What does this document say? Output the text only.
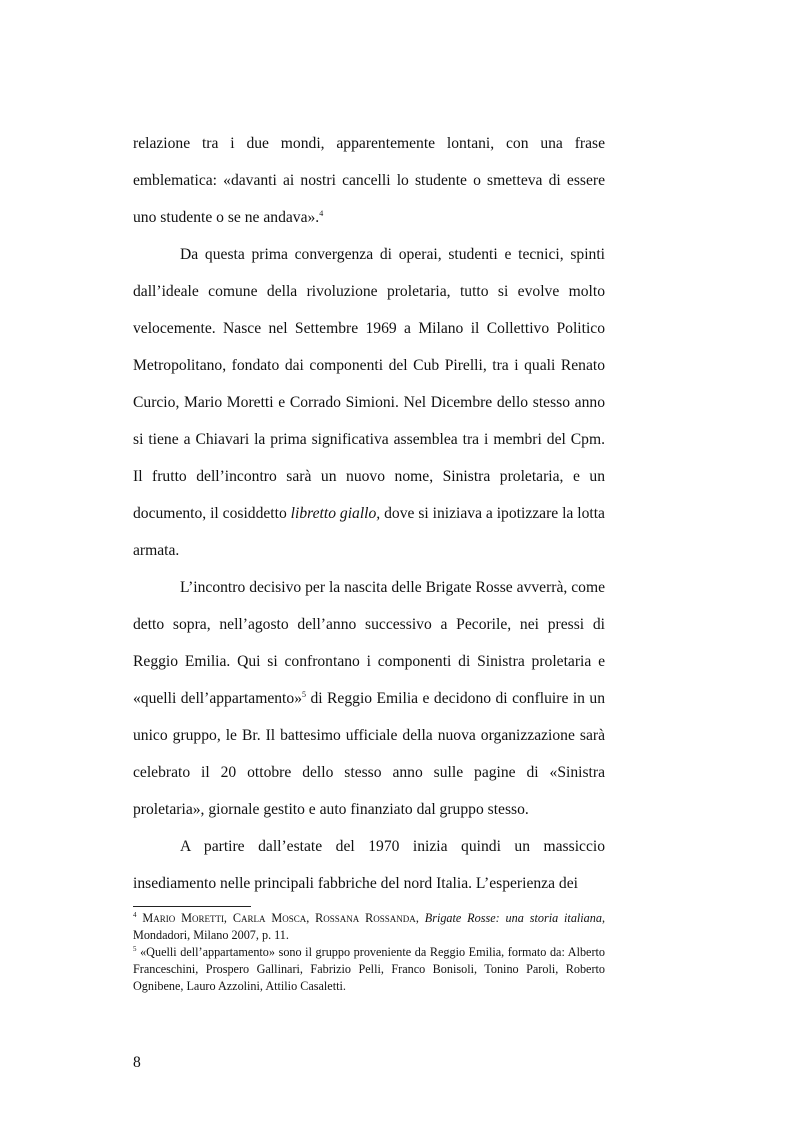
relazione tra i due mondi, apparentemente lontani, con una frase emblematica: «davanti ai nostri cancelli lo studente o smetteva di essere uno studente o se ne andava».$^4$

Da questa prima convergenza di operai, studenti e tecnici, spinti dall’ideale comune della rivoluzione proletaria, tutto si evolve molto velocemente. Nasce nel Settembre 1969 a Milano il Collettivo Politico Metropolitano, fondato dai componenti del Cub Pirelli, tra i quali Renato Curcio, Mario Moretti e Corrado Simioni. Nel Dicembre dello stesso anno si tiene a Chiavari la prima significativa assemblea tra i membri del Cpm. Il frutto dell’incontro sarà un nuovo nome, Sinistra proletaria, e un documento, il cosiddetto libretto giallo, dove si iniziava a ipotizzare la lotta armata.

L’incontro decisivo per la nascita delle Brigate Rosse avverrà, come detto sopra, nell’agosto dell’anno successivo a Pecorile, nei pressi di Reggio Emilia. Qui si confrontano i componenti di Sinistra proletaria e «quelli dell’appartamento»$^5$ di Reggio Emilia e decidono di confluire in un unico gruppo, le Br. Il battesimo ufficiale della nuova organizzazione sarà celebrato il 20 ottobre dello stesso anno sulle pagine di «Sinistra proletaria», giornale gestito e auto finanziato dal gruppo stesso.

A partire dall’estate del 1970 inizia quindi un massiccio insediamento nelle principali fabbriche del nord Italia. L’esperienza dei

$^4$ Mario Moretti, Carla Mosca, Rossana Rossanda, Brigate Rosse: una storia italiana, Mondadori, Milano 2007, p. 11.

$^5$ «Quelli dell’appartamento» sono il gruppo proveniente da Reggio Emilia, formato da: Alberto Franceschini, Prospero Gallinari, Fabrizio Pelli, Franco Bonisoli, Tonino Paroli, Roberto Ognibene, Lauro Azzolini, Attilio Casaletti.

8
